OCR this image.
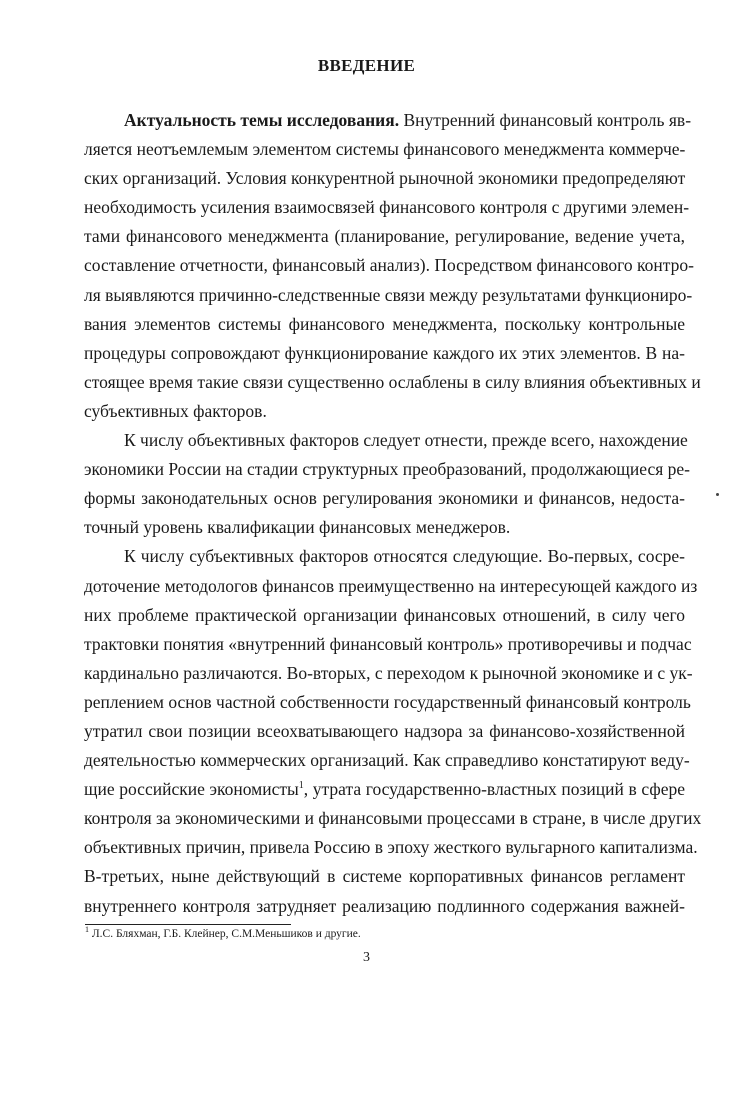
ВВЕДЕНИЕ
Актуальность темы исследования. Внутренний финансовый контроль яв-
ляется неотъемлемым элементом системы финансового менеджмента коммерче-
ских организаций. Условия конкурентной рыночной экономики предопределяют
необходимость усиления взаимосвязей финансового контроля с другими элемен-
тами финансового менеджмента (планирование, регулирование, ведение учета,
составление отчетности, финансовый анализ). Посредством финансового контро-
ля выявляются причинно-следственные связи между результатами функциониро-
вания элементов системы финансового менеджмента, поскольку контрольные
процедуры сопровождают функционирование каждого их этих элементов. В на-
стоящее время такие связи существенно ослаблены в силу влияния объективных и
субъективных факторов.
К числу объективных факторов следует отнести, прежде всего, нахождение
экономики России на стадии структурных преобразований, продолжающиеся ре-
формы законодательных основ регулирования экономики и финансов, недоста-
точный уровень квалификации финансовых менеджеров.
К числу субъективных факторов относятся следующие. Во-первых, сосре-
доточение методологов финансов преимущественно на интересующей каждого из
них проблеме практической организации финансовых отношений, в силу чего
трактовки понятия «внутренний финансовый контроль» противоречивы и подчас
кардинально различаются. Во-вторых, с переходом к рыночной экономике и с ук-
реплением основ частной собственности государственный финансовый контроль
утратил свои позиции всеохватывающего надзора за финансово-хозяйственной
деятельностью коммерческих организаций. Как справедливо констатируют веду-
щие российские экономисты$^1$, утрата государственно-властных позиций в сфере
контроля за экономическими и финансовыми процессами в стране, в числе других
объективных причин, привела Россию в эпоху жесткого вульгарного капитализма.
В-третьих, ныне действующий в системе корпоративных финансов регламент
внутреннего контроля затрудняет реализацию подлинного содержания важней-
$^1$ Л.С. Бляхман, Г.Б. Клейнер, С.М.Меньшиков и другие.
3
